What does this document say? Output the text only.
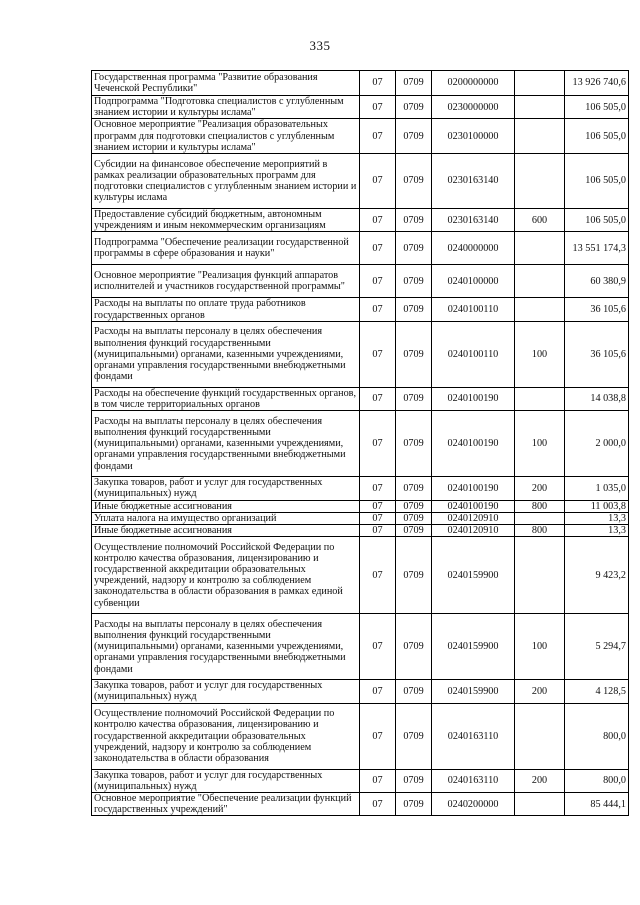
335
Государственная программа "Развитие образования Чеченской Республики"	07	0709	0200000000		13 926 740,6
Подпрограмма "Подготовка специалистов с углубленным знанием истории и культуры ислама"	07	0709	0230000000		106 505,0
Основное мероприятие "Реализация образовательных программ для подготовки специалистов с углубленным знанием истории и культуры ислама"	07	0709	0230100000		106 505,0
Субсидии на финансовое обеспечение мероприятий в рамках реализации образовательных программ для подготовки специалистов с углубленным знанием истории и культуры ислама	07	0709	0230163140		106 505,0
Предоставление субсидий бюджетным, автономным учреждениям и иным некоммерческим организациям	07	0709	0230163140	600	106 505,0
Подпрограмма "Обеспечение реализации государственной программы в сфере образования и науки"	07	0709	0240000000		13 551 174,3
Основное мероприятие "Реализация функций аппаратов исполнителей и участников государственной программы"	07	0709	0240100000		60 380,9
Расходы на выплаты по оплате труда работников государственных органов	07	0709	0240100110		36 105,6
Расходы на выплаты персоналу в целях обеспечения выполнения функций государственными (муниципальными) органами, казенными учреждениями, органами управления государственными внебюджетными фондами	07	0709	0240100110	100	36 105,6
Расходы на обеспечение функций государственных органов, в том числе территориальных органов	07	0709	0240100190		14 038,8
Расходы на выплаты персоналу в целях обеспечения выполнения функций государственными (муниципальными) органами, казенными учреждениями, органами управления государственными внебюджетными фондами	07	0709	0240100190	100	2 000,0
Закупка товаров, работ и услуг для государственных (муниципальных) нужд	07	0709	0240100190	200	1 035,0
Иные бюджетные ассигнования	07	0709	0240100190	800	11 003,8
Уплата налога на имущество организаций	07	0709	0240120910		13,3
Иные бюджетные ассигнования	07	0709	0240120910	800	13,3
Осуществление полномочий Российской Федерации по контролю качества образования, лицензированию и государственной аккредитации образовательных учреждений, надзору и контролю за соблюдением законодательства в области образования в рамках единой субвенции	07	0709	0240159900		9 423,2
Расходы на выплаты персоналу в целях обеспечения выполнения функций государственными (муниципальными) органами, казенными учреждениями, органами управления государственными внебюджетными фондами	07	0709	0240159900	100	5 294,7
Закупка товаров, работ и услуг для государственных (муниципальных) нужд	07	0709	0240159900	200	4 128,5
Осуществление полномочий Российской Федерации по контролю качества образования, лицензированию и государственной аккредитации образовательных учреждений, надзору и контролю за соблюдением законодательства в области образования	07	0709	0240163110		800,0
Закупка товаров, работ и услуг для государственных (муниципальных) нужд	07	0709	0240163110	200	800,0
Основное мероприятие "Обеспечение реализации функций государственных учреждений"	07	0709	0240200000		85 444,1
